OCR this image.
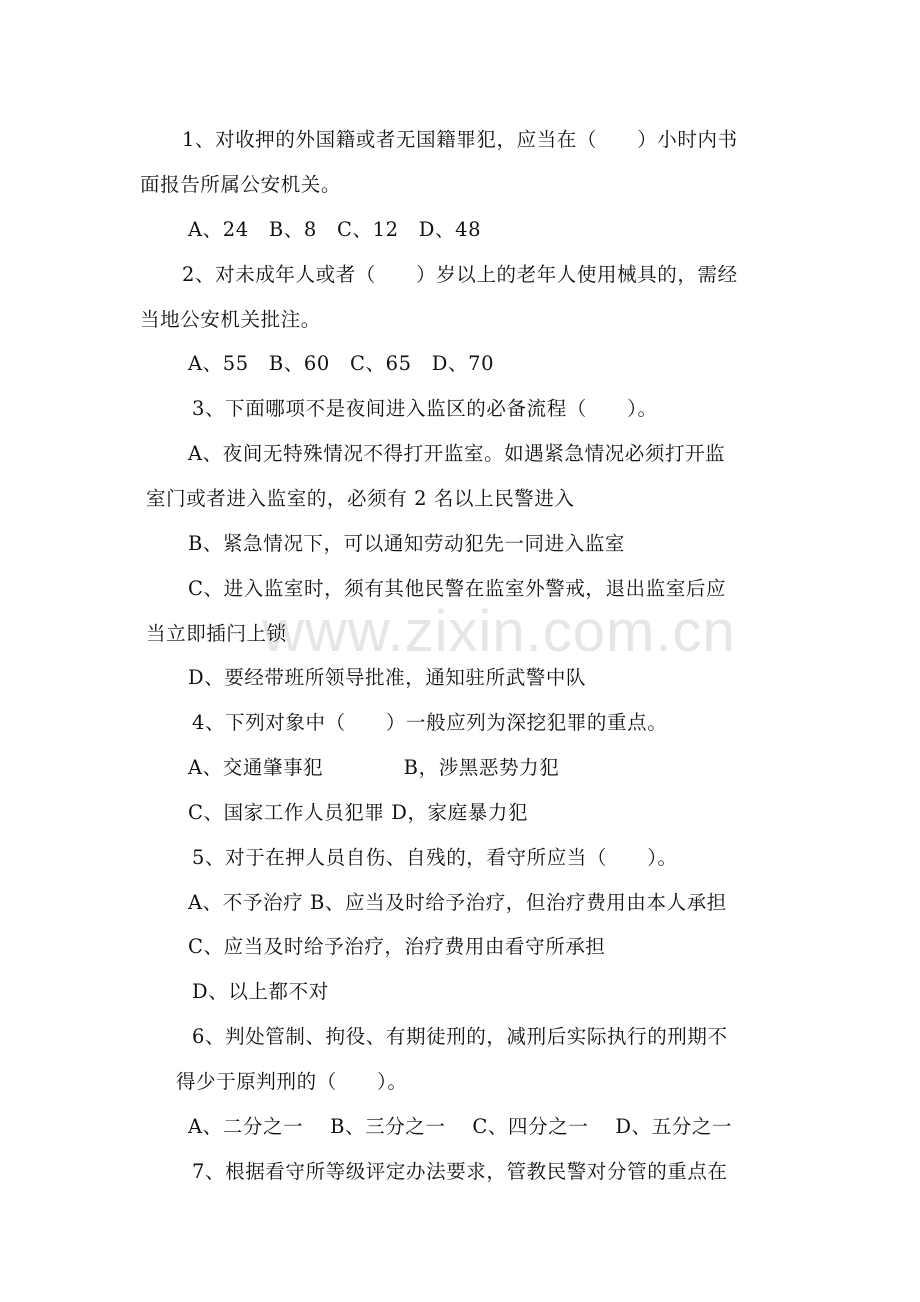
www.zixin.com.cn
1、对收押的外国籍或者无国籍罪犯，应当在（　　）小时内书
面报告所属公安机关。
A、24　B、8　C、12　D、48
2、对未成年人或者（　　）岁以上的老年人使用械具的，需经
当地公安机关批注。
A、55　B、60　C、65　D、70
3、下面哪项不是夜间进入监区的必备流程（　　）。
A、夜间无特殊情况不得打开监室。如遇紧急情况必须打开监
室门或者进入监室的，必须有 2 名以上民警进入
B、紧急情况下，可以通知劳动犯先一同进入监室
C、进入监室时，须有其他民警在监室外警戒，退出监室后应
当立即插闩上锁
D、要经带班所领导批准，通知驻所武警中队
4、下列对象中（　　）一般应列为深挖犯罪的重点。
A、交通肇事犯　　　　B，涉黑恶势力犯
C、国家工作人员犯罪 D，家庭暴力犯
5、对于在押人员自伤、自残的，看守所应当（　　）。
A、不予治疗 B、应当及时给予治疗，但治疗费用由本人承担
C、应当及时给予治疗，治疗费用由看守所承担
D、以上都不对
6、判处管制、拘役、有期徒刑的，减刑后实际执行的刑期不
得少于原判刑的（　　）。
A、二分之一　 B、三分之一　 C、四分之一　 D、五分之一
7、根据看守所等级评定办法要求，管教民警对分管的重点在
